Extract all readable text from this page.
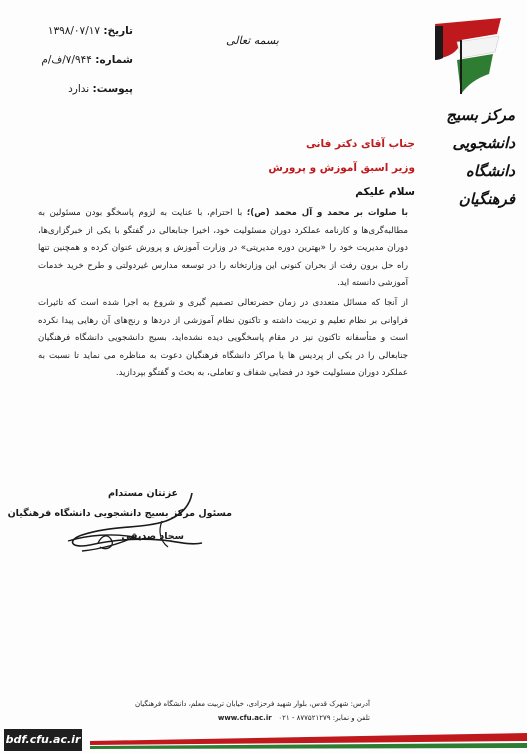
تاریخ: ۱۳۹۸/۰۷/۱۷
شماره: ۷/۹۴۴/ف/م
پیوست: ندارد
بسمه تعالی
مرکز بسیج دانشجویی
دانشگاه فرهنگیان
جناب آقای دکتر فانی
وزیر اسبق آموزش و پرورش
سلام علیکم

با صلوات بر محمد و آل محمد (ص)؛ با احترام، با عنایت به لزوم پاسخگو بودن مسئولین به مطالبه‌گری‌ها و کارنامه عملکرد دوران مسئولیت خود، اخیرا جنابعالی در گفتگو با یکی از خبرگزاری‌ها، دوران مدیریت خود را «بهترین دوره مدیریتی» در وزارت آموزش و پرورش عنوان کرده و همچنین تنها راه حل برون رفت از بحران کنونی این وزارتخانه را در توسعه مدارس غیردولتی و طرح خرید خدمات آموزشی دانسته اید.

از آنجا که مسائل متعددی در زمان حضرتعالی تصمیم گیری و شروع به اجرا شده است که تاثیرات فراوانی بر نظام تعلیم و تربیت داشته و تاکنون نظام آموزشی از دردها و رنج‌های آن رهایی پیدا نکرده است و متأسفانه تاکنون نیز در مقام پاسخگویی دیده نشده‌اید، بسیج دانشجویی دانشگاه فرهنگیان جنابعالی را در یکی از پردیس ها یا مراکز دانشگاه فرهنگیان دعوت به مناظره می نماید تا نسبت به عملکرد دوران مسئولیت خود در فضایی شفاف و تعاملی، به بحث و گفتگو بپردازید.

عزتتان مستدام
مسئول مرکز بسیج دانشجویی دانشگاه فرهنگیان
سجاد صدیقی
آدرس: شهرک قدس، بلوار شهید فرحزادی، خیابان تربیت معلم، دانشگاه فرهنگیان
تلفن و نمابر: ۸۷۷۵۲۱۲۷۹ - ۰۲۱   www.cfu.ac.ir
bdf.cfu.ac.ir
